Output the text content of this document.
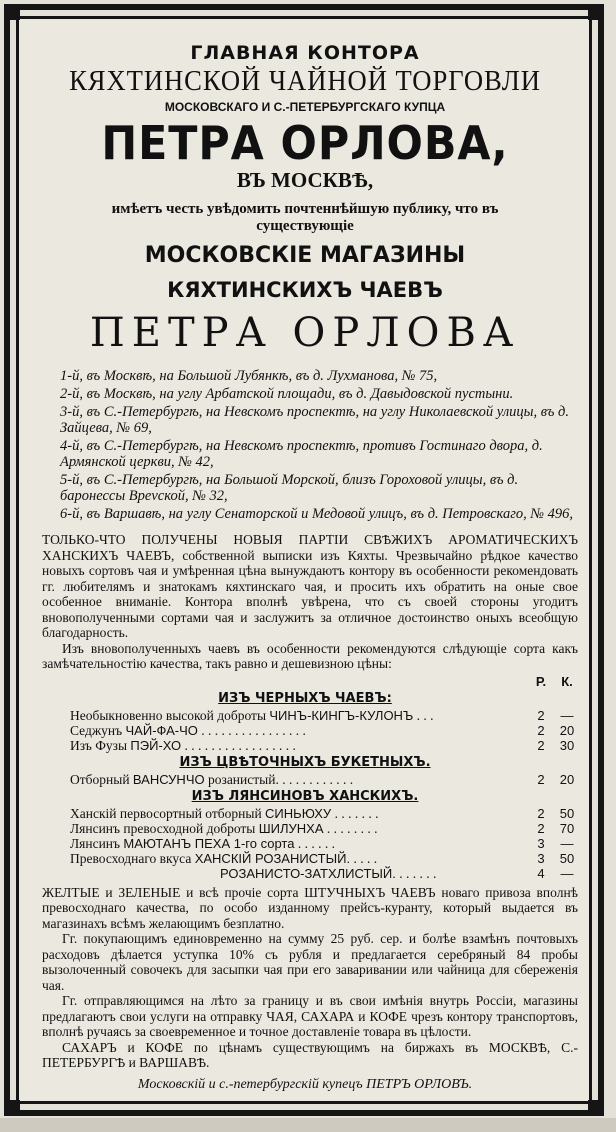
ГЛАВНАЯ КОНТОРА
КЯХТИНСКОЙ ЧАЙНОЙ ТОРГОВЛИ
МОСКОВСКАГО И С.-ПЕТЕРБУРГСКАГО КУПЦА
ПЕТРА ОРЛОВА,
ВЪ МОСКВѢ,
имѣетъ честь увѣдомить почтеннѣйшую публику, что въ существующіе
МОСКОВСКІЕ МАГАЗИНЫ
КЯХТИНСКИХЪ ЧАЕВЪ
ПЕТРА ОРЛОВА
1-й, въ Москвѣ, на Большой Лубянкѣ, въ д. Лухманова, № 75,
2-й, въ Москвѣ, на углу Арбатской площади, въ д. Давыдовской пустыни.
3-й, въ С.-Петербургѣ, на Невскомъ проспектѣ, на углу Николаевской улицы, въ д. Зайцева, № 69,
4-й, въ С.-Петербургѣ, на Невскомъ проспектѣ, противъ Гостинаго двора, д. Армянской церкви, № 42,
5-й, въ С.-Петербургѣ, на Большой Морской, близъ Гороховой улицы, въ д. баронессы Врevской, № 32,
6-й, въ Варшавѣ, на углу Сенаторской и Медовой улицъ, въ д. Петровскаго, № 496,
ТОЛЬКО-ЧТО ПОЛУЧЕНЫ НОВЫЯ ПАРТІИ СВѢЖИХЪ АРОМАТИЧЕСКИХЪ ХАНСКИХЪ ЧАЕВЪ, собственной выписки изъ Кяхты. Чрезвычайно рѣдкое качество новыхъ сортовъ чая и умѣренная цѣна вынуждаютъ контору въ особенности рекомендовать гг. любителямъ и знатокамъ кяхтинскаго чая, и просить ихъ обратить на оные свое особенное вниманіе. Контора вполнѣ увѣрена, что съ своей стороны угодитъ вновополученными сортами чая и заслужитъ за отличное достоинство оныхъ всеобщую благодарность.
Изъ вновополученныхъ чаевъ въ особенности рекомендуются слѣдующіе сорта какъ замѣчательностію качества, такъ равно и дешевизною цѣны:
Р.	К.
ИЗЪ ЧЕРНЫХЪ ЧАЕВЪ:
Необыкновенно высокой доброты ЧИНЪ-КИНГЪ-КУЛОНЪ . . .	2	—
Седжунъ ЧАЙ-ФА-ЧО . . . . . . . . . . . . . . . .	2	20
Изъ Фузы ПЭЙ-ХО . . . . . . . . . . . . . . . . .	2	30
ИЗЪ ЦВѢТОЧНЫХЪ БУКЕТНЫХЪ.
Отборный ВАНСУНЧО розанистый. . . . . . . . . . . .	2	20
ИЗЪ ЛЯНСИНОВЪ ХАНСКИХЪ.
Ханскій первосортный отборный СИНЬЮХУ . . . . . . .	2	50
Лянсинъ превосходной доброты ШИЛУНХА . . . . . . . .	2	70
Лянсинъ МАЮТАНЪ ПЕХА 1-го сорта . . . . . .	3	—
Превосходнаго вкуса ХАНСКІЙ РОЗАНИСТЫЙ. . . . .	3	50
РОЗАНИСТО-ЗАТХЛИСТЫЙ. . . . . . .	4	—

ЖЕЛТЫЕ и ЗЕЛЕНЫЕ и всѣ прочіе сорта ШТУЧНЫХЪ ЧАЕВЪ новаго привоза вполнѣ превосходнаго качества, по особо изданному прейсъ-куранту, который выдается въ магазинахъ всѣмъ желающимъ безплатно.

Гг. покупающимъ единовременно на сумму 25 руб. сер. и болѣе взамѣнъ почтовыхъ расходовъ дѣлается уступка 10% съ рубля и предлагается серебряный 84 пробы вызолоченный совочекъ для засыпки чая при его заваривании или чайница для сбереженія чая.

Гг. отправляющимся на лѣто за границу и въ свои имѣнія внутрь Россіи, магазины предлагаютъ свои услуги на отправку ЧАЯ, САХАРА и КОФЕ чрезъ контору транспортовъ, вполнѣ ручаясь за своевременное и точное доставленіе товара въ цѣлости.

САХАРЪ и КОФЕ по цѣнамъ существующимъ на биржахъ въ МОСКВѢ, С.-ПЕТЕРБУРГѢ и ВАРШАВѢ.

Московскій и с.-петербургскій купецъ ПЕТРЪ ОРЛОВЪ.
